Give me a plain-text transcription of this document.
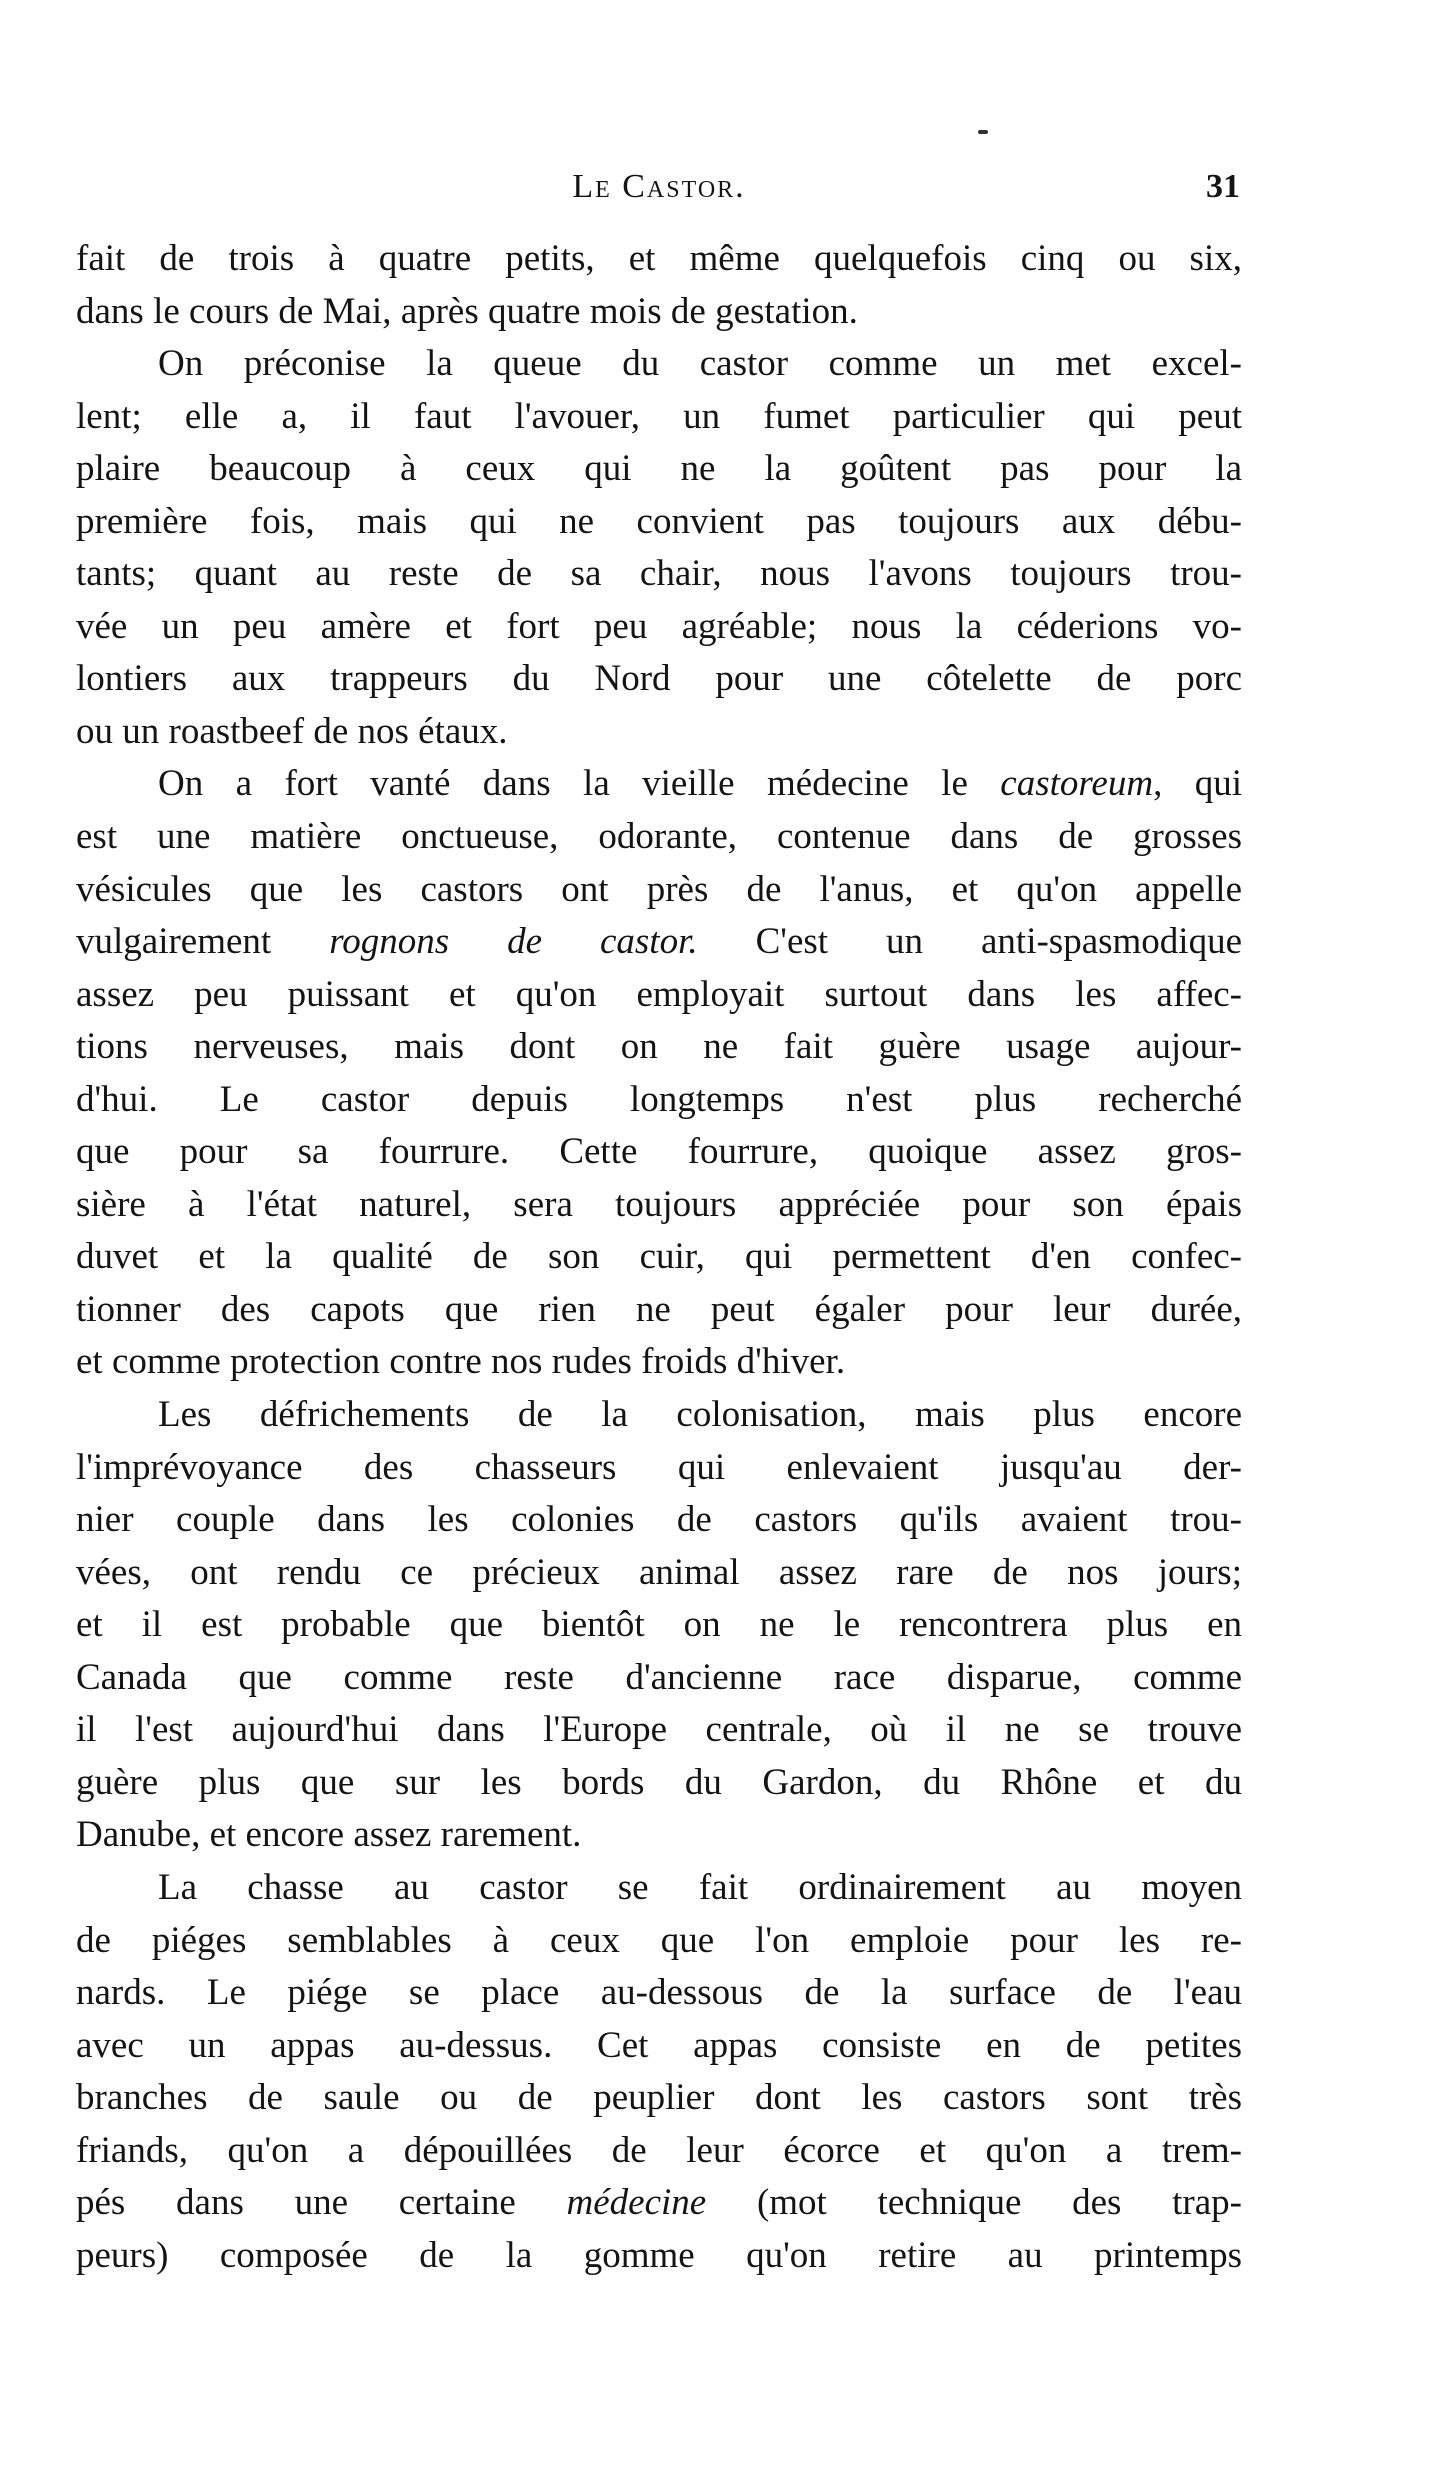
Le Castor.	31
fait de trois à quatre petits, et même quelquefois cinq ou six,
dans le cours de Mai, après quatre mois de gestation.
On préconise la queue du castor comme un met excel-
lent; elle a, il faut l'avouer, un fumet particulier qui peut
plaire beaucoup à ceux qui ne la goûtent pas pour la
première fois, mais qui ne convient pas toujours aux débu-
tants; quant au reste de sa chair, nous l'avons toujours trou-
vée un peu amère et fort peu agréable; nous la céderions vo-
lontiers aux trappeurs du Nord pour une côtelette de porc
ou un roastbeef de nos étaux.
On a fort vanté dans la vieille médecine le castoreum, qui
est une matière onctueuse, odorante, contenue dans de grosses
vésicules que les castors ont près de l'anus, et qu'on appelle
vulgairement rognons de castor. C'est un anti-spasmodique
assez peu puissant et qu'on employait surtout dans les affec-
tions nerveuses, mais dont on ne fait guère usage aujour-
d'hui. Le castor depuis longtemps n'est plus recherché
que pour sa fourrure. Cette fourrure, quoique assez gros-
sière à l'état naturel, sera toujours appréciée pour son épais
duvet et la qualité de son cuir, qui permettent d'en confec-
tionner des capots que rien ne peut égaler pour leur durée,
et comme protection contre nos rudes froids d'hiver.
Les défrichements de la colonisation, mais plus encore
l'imprévoyance des chasseurs qui enlevaient jusqu'au der-
nier couple dans les colonies de castors qu'ils avaient trou-
vées, ont rendu ce précieux animal assez rare de nos jours;
et il est probable que bientôt on ne le rencontrera plus en
Canada que comme reste d'ancienne race disparue, comme
il l'est aujourd'hui dans l'Europe centrale, où il ne se trouve
guère plus que sur les bords du Gardon, du Rhône et du
Danube, et encore assez rarement.
La chasse au castor se fait ordinairement au moyen
de piéges semblables à ceux que l'on emploie pour les re-
nards. Le piége se place au-dessous de la surface de l'eau
avec un appas au-dessus. Cet appas consiste en de petites
branches de saule ou de peuplier dont les castors sont très
friands, qu'on a dépouillées de leur écorce et qu'on a trem-
pés dans une certaine médecine (mot technique des trap-
peurs) composée de la gomme qu'on retire au printemps
